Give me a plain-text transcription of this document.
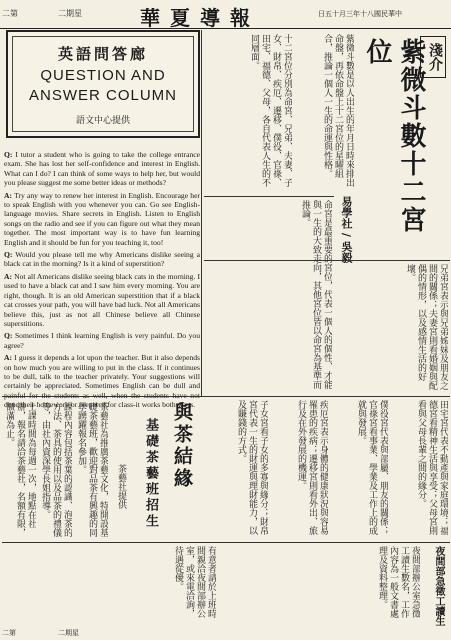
二第	二期星	華夏導報	日五十月三年十八國民華中
英語問答廊
QUESTION AND
ANSWER COLUMN
語文中心提供

Q: I tutor a student who is going to take the college entrance exam. She has lost her self-confidence and interest in English. What can I do? I can think of some ways to help her, but would you please suggest me some better ideas or methods?

A: Try any way to renew her interest in English. Encourage her to speak English with you whenever you can. Go see English-language movies. Share secrets in English. Listen to English songs on the radio and see if you can figure out what they mean together. The most important way is to have fun learning English and it should be fun for you teaching it, too!

Q: Would you please tell me why Americans dislike seeing a black cat in the morning? Is it a kind of superstition?

A: Not all Americans dislike seeing black cats in the morning. I used to have a black cat and I saw him every morning. You are right, though. It is an old American superstition that if a black cat crosses your path, you will have bad luck. Not all Americans believe this, just as not all Chinese believe all Chinese superstitions.

Q: Sometimes I think learning English is very painful. Do you agree?

A: I guess it depends a lot upon the teacher. But it also depends on how much you are willing to put in the class. If it continues to be dull, talk to the teacher privately. Your suggestions will certainly be appreciated. Sometimes English can be dull and painful for the students as well, when the students have not done their homework or prepared for class-it works both ways.

淺介
紫微斗數十二宮位
易學社 / 吳毅
紫微斗數是以人出生的年月日時來排出命盤，再依命盤上十二宮位的星曜組合，推論一個人一生的命運與性格。
十二宮位分別為命宮、兄弟、夫妻、子女、財帛、疾厄、遷移、僕役、官祿、田宅、福德、父母，各自代表人生的不同層面。
命宮是最重要的宮位，代表一個人的個性、才能與一生的大致走向，其他宮位皆以命宮為基準而推論。
兄弟宮表示與兄弟姊妹及朋友之間的關係；夫妻宮則看婚姻與配偶的情形，以及感情生活的好壞。
子女宮看子女的多寡與緣分；財帛宮代表一生的財運與理財能力，以及賺錢的方式。	疾厄宮表示身體的健康狀況與容易罹患的疾病；遷移宮則看外出、旅行及在外發展的機運。	僕役宮代表與部屬、朋友的關係；官祿宮看事業、學業及工作上的成就與發展。	田宅宮代表不動產與家庭環境；福德宮看精神生活與享受；父母宮則看與父母長輩之間的緣分。
與茶結緣
基礎茶藝班招生
茶藝社提供
茶藝社為推廣茶藝文化，特開設基礎茶藝班，歡迎對品茶有興趣的同學踴躍報名參加。
課程內容包括茶葉的認識、泡茶的方法、茶具的使用以及品茶的禮儀等，由社內資深學長姐指導。
上課時間為每週一次，地點在社辦，報名請洽茶藝社，名額有限，額滿為止。
夜間部急徵工讀生
夜間部辦公室急徵工讀生數名，工作內容為一般文書處理及資料整理。
有意者請於上班時間親洽夜間部辦公室，或來電洽詢，待遇從優。
二第	二期星
